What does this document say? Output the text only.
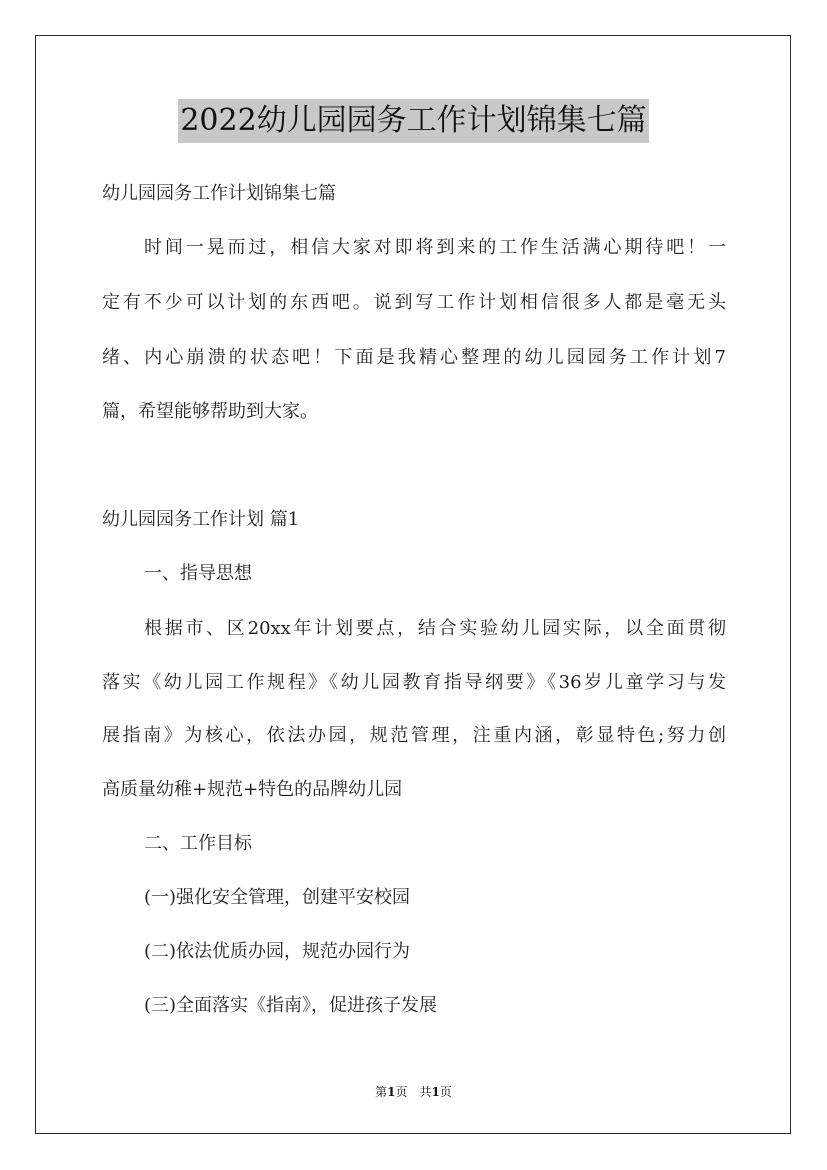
2022幼儿园园务工作计划锦集七篇
幼儿园园务工作计划锦集七篇
时间一晃而过，相信大家对即将到来的工作生活满心期待吧！一
定有不少可以计划的东西吧。说到写工作计划相信很多人都是毫无头
绪、内心崩溃的状态吧！下面是我精心整理的幼儿园园务工作计划7
篇，希望能够帮助到大家。
幼儿园园务工作计划 篇1
一、指导思想
根据市、区20xx年计划要点，结合实验幼儿园实际，以全面贯彻
落实《幼儿园工作规程》《幼儿园教育指导纲要》《36岁儿童学习与发
展指南》为核心，依法办园，规范管理，注重内涵，彰显特色;努力创
高质量幼稚+规范+特色的品牌幼儿园
二、工作目标
(一)强化安全管理，创建平安校园
(二)依法优质办园，规范办园行为
(三)全面落实《指南》，促进孩子发展
第1页　共1页
